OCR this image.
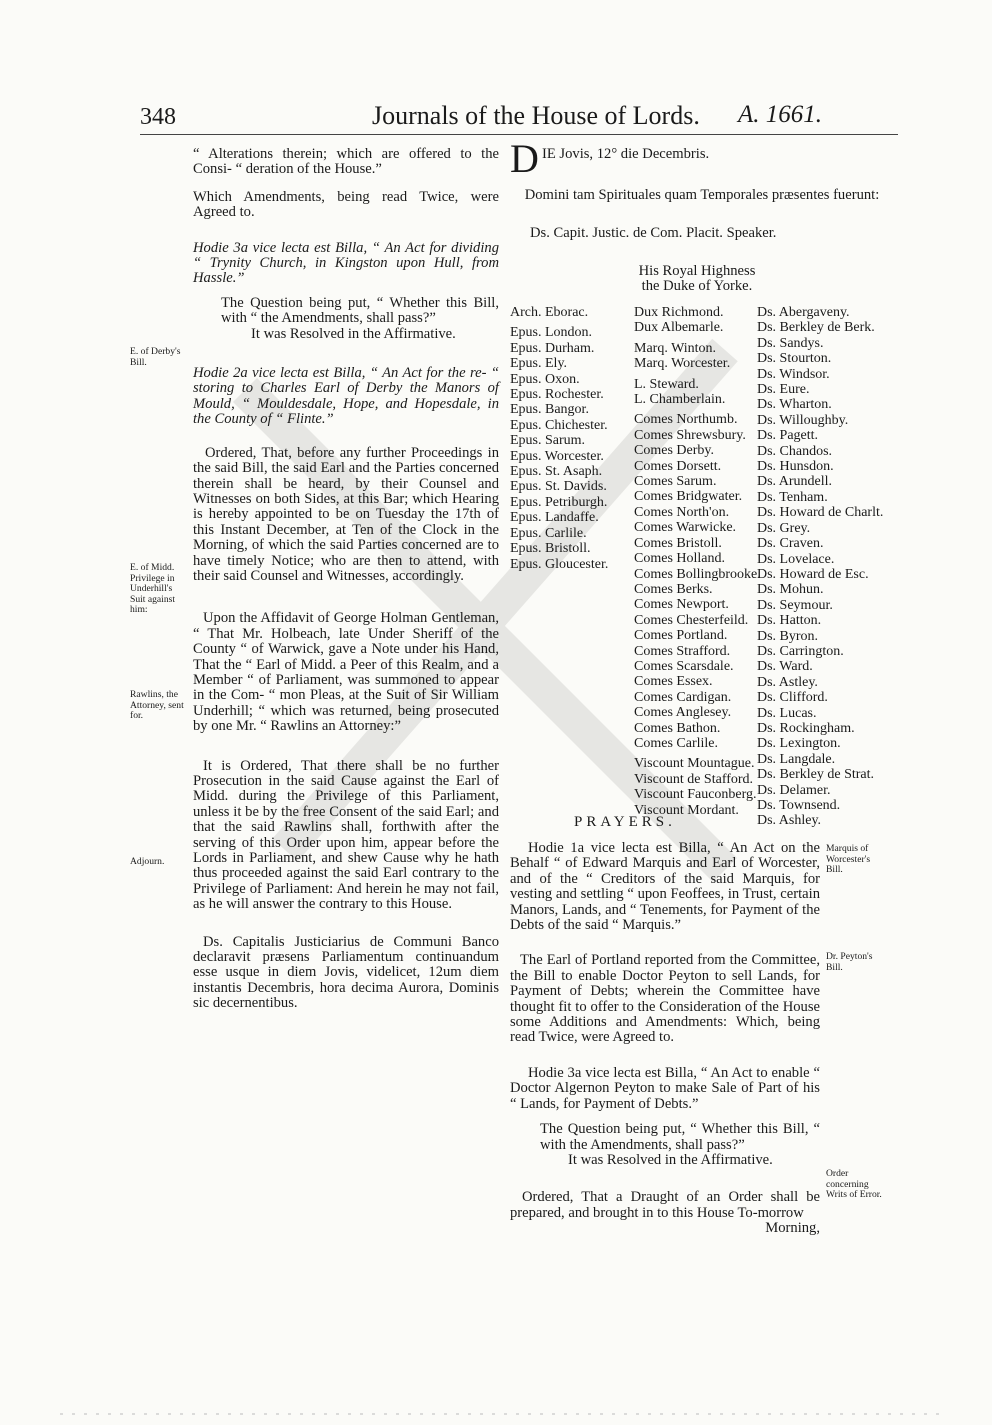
348	Journals of the House of Lords. A. 1661.

“ Alterations therein; which are offered to the Consi- “ deration of the House.”

Which Amendments, being read Twice, were Agreed to.

Hodie 3a vice lecta est Billa, “ An Act for dividing “ Trynity Church, in Kingston upon Hull, from Hassle.”

The Question being put, “ Whether this Bill, with “ the Amendments, shall pass?”

It was Resolved in the Affirmative.

Hodie 2a vice lecta est Billa, “ An Act for the re- “ storing to Charles Earl of Derby the Manors of Mould, “ Mouldesdale, Hope, and Hopesdale, in the County of “ Flinte.”

Ordered, That, before any further Proceedings in the said Bill, the said Earl and the Parties concerned therein shall be heard, by their Counsel and Witnesses on both Sides, at this Bar; which Hearing is hereby appointed to be on Tuesday the 17th of this Instant December, at Ten of the Clock in the Morning, of which the said Parties concerned are to have timely Notice; who are then to attend, with their said Counsel and Witnesses, accordingly.

Upon the Affidavit of George Holman Gentleman, “ That Mr. Holbeach, late Under Sheriff of the County “ of Warwick, gave a Note under his Hand, That the “ Earl of Midd. a Peer of this Realm, and a Member “ of Parliament, was summoned to appear in the Com- “ mon Pleas, at the Suit of Sir William Underhill; “ which was returned, being prosecuted by one Mr. “ Rawlins an Attorney:”

It is Ordered, That there shall be no further Prosecution in the said Cause against the Earl of Midd. during the Privilege of this Parliament, unless it be by the free Consent of the said Earl; and that the said Rawlins shall, forthwith after the serving of this Order upon him, appear before the Lords in Parliament, and shew Cause why he hath thus proceeded against the said Earl contrary to the Privilege of Parliament: And herein he may not fail, as he will answer the contrary to this House.

Ds. Capitalis Justiciarius de Communi Banco declaravit præsens Parliamentum continuandum esse usque in diem Jovis, videlicet, 12um diem instantis Decembris, hora decima Aurora, Dominis sic decernentibus.

E. of Derby's Bill.
E. of Midd. Privilege in Underhill's Suit against him:
Rawlins, the Attorney, sent for.
Adjourn.
D IE Jovis, 12° die Decembris.
Domini tam Spirituales quam Temporales præsentes fuerunt:
Ds. Capit. Justic. de Com. Placit. Speaker.
His Royal Highness the Duke of Yorke.
Arch. Eborac.
Epus. London.
Epus. Durham.
Epus. Ely.
Epus. Oxon.
Epus. Rochester.
Epus. Bangor.
Epus. Chichester.
Epus. Sarum.
Epus. Worcester.
Epus. St. Asaph.
Epus. St. Davids.
Epus. Petriburgh.
Epus. Landaffe.
Epus. Carlile.
Epus. Bristoll.
Epus. Gloucester.
Dux Richmond.
Dux Albemarle.
Marq. Winton.
Marq. Worcester.
L. Steward.
L. Chamberlain.
Comes Northumb.
Comes Shrewsbury.
Comes Derby.
Comes Dorsett.
Comes Sarum.
Comes Bridgwater.
Comes North'on.
Comes Warwicke.
Comes Bristoll.
Comes Holland.
Comes Bollingbrooke.
Comes Berks.
Comes Newport.
Comes Chesterfeild.
Comes Portland.
Comes Strafford.
Comes Scarsdale.
Comes Essex.
Comes Cardigan.
Comes Anglesey.
Comes Bathon.
Comes Carlile.
Viscount Mountague.
Viscount de Stafford.
Viscount Fauconberg.
Viscount Mordant.
Ds. Abergaveny.
Ds. Berkley de Berk.
Ds. Sandys.
Ds. Stourton.
Ds. Windsor.
Ds. Eure.
Ds. Wharton.
Ds. Willoughby.
Ds. Pagett.
Ds. Chandos.
Ds. Hunsdon.
Ds. Arundell.
Ds. Tenham.
Ds. Howard de Charlt.
Ds. Grey.
Ds. Craven.
Ds. Lovelace.
Ds. Howard de Esc.
Ds. Mohun.
Ds. Seymour.
Ds. Hatton.
Ds. Byron.
Ds. Carrington.
Ds. Ward.
Ds. Astley.
Ds. Clifford.
Ds. Lucas.
Ds. Rockingham.
Ds. Lexington.
Ds. Langdale.
Ds. Berkley de Strat.
Ds. Delamer.
Ds. Townsend.
Ds. Ashley.
PRAYERS.

Hodie 1a vice lecta est Billa, “ An Act on the Behalf “ of Edward Marquis and Earl of Worcester, and of the “ Creditors of the said Marquis, for vesting and settling “ upon Feoffees, in Trust, certain Manors, Lands, and “ Tenements, for Payment of the Debts of the said “ Marquis.”

The Earl of Portland reported from the Committee, the Bill to enable Doctor Peyton to sell Lands, for Payment of Debts; wherein the Committee have thought fit to offer to the Consideration of the House some Additions and Amendments: Which, being read Twice, were Agreed to.

Hodie 3a vice lecta est Billa, “ An Act to enable “ Doctor Algernon Peyton to make Sale of Part of his “ Lands, for Payment of Debts.”

The Question being put, “ Whether this Bill, “ with the Amendments, shall pass?”

It was Resolved in the Affirmative.

Ordered, That a Draught of an Order shall be prepared, and brought in to this House To-morrow

Morning,

Marquis of Worcester's Bill.
Dr. Peyton's Bill.
Order concerning Writs of Error.
